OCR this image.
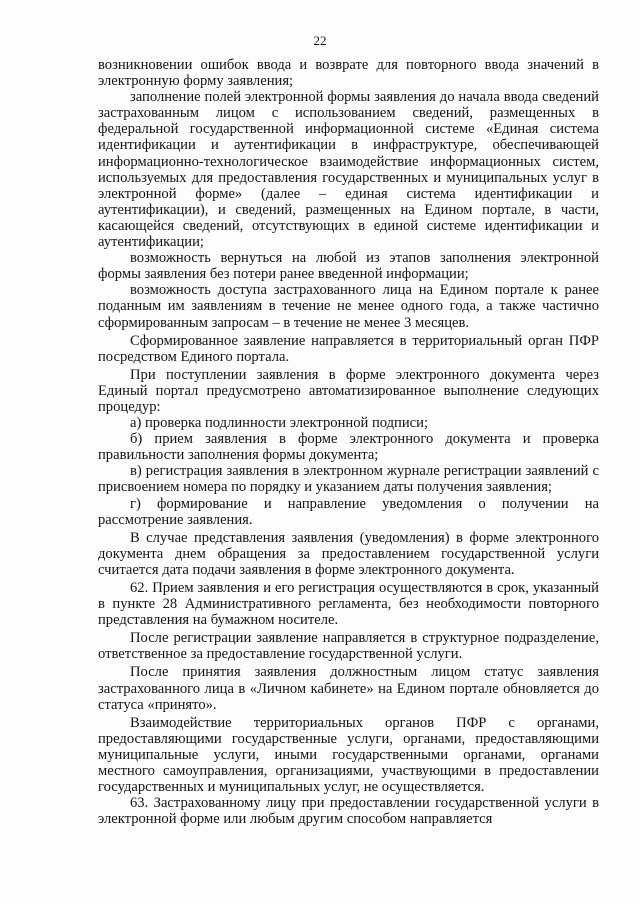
22

возникновении ошибок ввода и возврате для повторного ввода значений в электронную форму заявления;

заполнение полей электронной формы заявления до начала ввода сведений застрахованным лицом с использованием сведений, размещенных в федеральной государственной информационной системе «Единая система идентификации и аутентификации в инфраструктуре, обеспечивающей информационно-технологическое взаимодействие информационных систем, используемых для предоставления государственных и муниципальных услуг в электронной форме» (далее – единая система идентификации и аутентификации), и сведений, размещенных на Едином портале, в части, касающейся сведений, отсутствующих в единой системе идентификации и аутентификации;

возможность вернуться на любой из этапов заполнения электронной формы заявления без потери ранее введенной информации;

возможность доступа застрахованного лица на Едином портале к ранее поданным им заявлениям в течение не менее одного года, а также частично сформированным запросам – в течение не менее 3 месяцев.

Сформированное заявление направляется в территориальный орган ПФР посредством Единого портала.

При поступлении заявления в форме электронного документа через Единый портал предусмотрено автоматизированное выполнение следующих процедур:

а) проверка подлинности электронной подписи;

б) прием заявления в форме электронного документа и проверка правильности заполнения формы документа;

в) регистрация заявления в электронном журнале регистрации заявлений с присвоением номера по порядку и указанием даты получения заявления;

г) формирование и направление уведомления о получении на рассмотрение заявления.

В случае представления заявления (уведомления) в форме электронного документа днем обращения за предоставлением государственной услуги считается дата подачи заявления в форме электронного документа.

62. Прием заявления и его регистрация осуществляются в срок, указанный в пункте 28 Административного регламента, без необходимости повторного представления на бумажном носителе.

После регистрации заявление направляется в структурное подразделение, ответственное за предоставление государственной услуги.

После принятия заявления должностным лицом статус заявления застрахованного лица в «Личном кабинете» на Едином портале обновляется до статуса «принято».

Взаимодействие территориальных органов ПФР с органами, предоставляющими государственные услуги, органами, предоставляющими муниципальные услуги, иными государственными органами, органами местного самоуправления, организациями, участвующими в предоставлении государственных и муниципальных услуг, не осуществляется.

63. Застрахованному лицу при предоставлении государственной услуги в электронной форме или любым другим способом направляется
